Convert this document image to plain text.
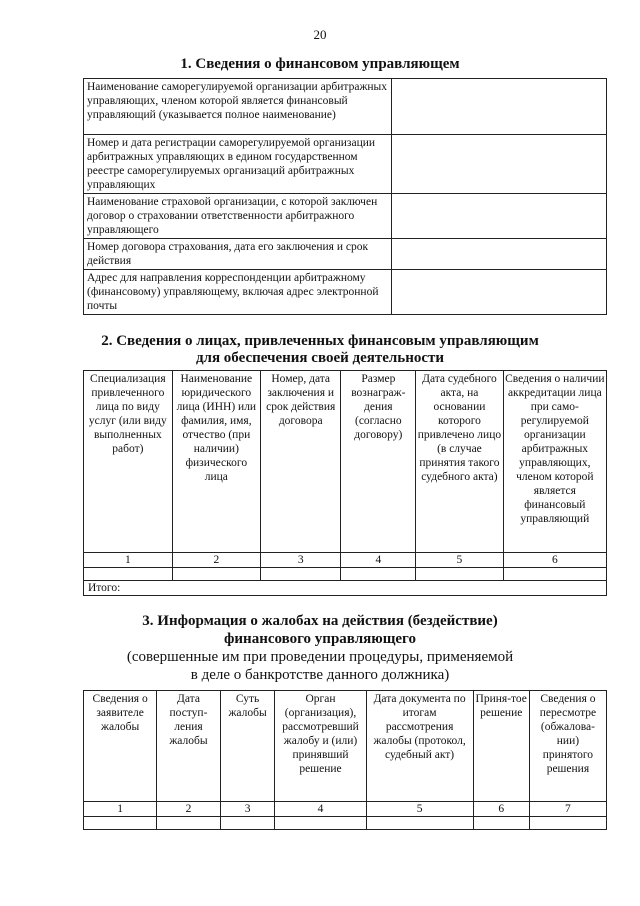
20
1. Сведения о финансовом управляющем
Наименование саморегулируемой организации арбитражных управляющих, членом которой является финансовый управляющий (указывается полное наименование)	
Номер и дата регистрации саморегулируемой организации арбитражных управляющих в едином государственном реестре саморегулируемых организаций арбитражных управляющих	
Наименование страховой организации, с которой заключен договор о страховании ответственности арбитражного управляющего	
Номер договора страхования, дата его заключения и срок действия	
Адрес для направления корреспонденции арбитражному (финансовому) управляющему, включая адрес электронной почты	
2. Сведения о лицах, привлеченных финансовым управляющим
для обеспечения своей деятельности
Специализация привлеченного лица по виду услуг (или виду выполненных работ)	Наименование юридического лица (ИНН) или фамилия, имя, отчество (при наличии) физического лица	Номер, дата заключения и срок действия договора	Размер вознаграж-дения (согласно договору)	Дата судебного акта, на основании которого привлечено лицо (в случае принятия такого судебного акта)	Сведения о наличии аккредитации лица при само-регулируемой организации арбитражных управляющих, членом которой является финансовый управляющий
1	2	3	4	5	6

Итого:					
3. Информация о жалобах на действия (бездействие)
финансового управляющего
(совершенные им при проведении процедуры, применяемой
в деле о банкротстве данного должника)
Сведения о заявителе жалобы	Дата поступ-ления жалобы	Суть жалобы	Орган (организация), рассмотревший жалобу и (или) принявший решение	Дата документа по итогам рассмотрения жалобы (протокол, судебный акт)	Приня-тое решение	Сведения о пересмотре (обжалова-нии) принятого решения
1	2	3	4	5	6	7
